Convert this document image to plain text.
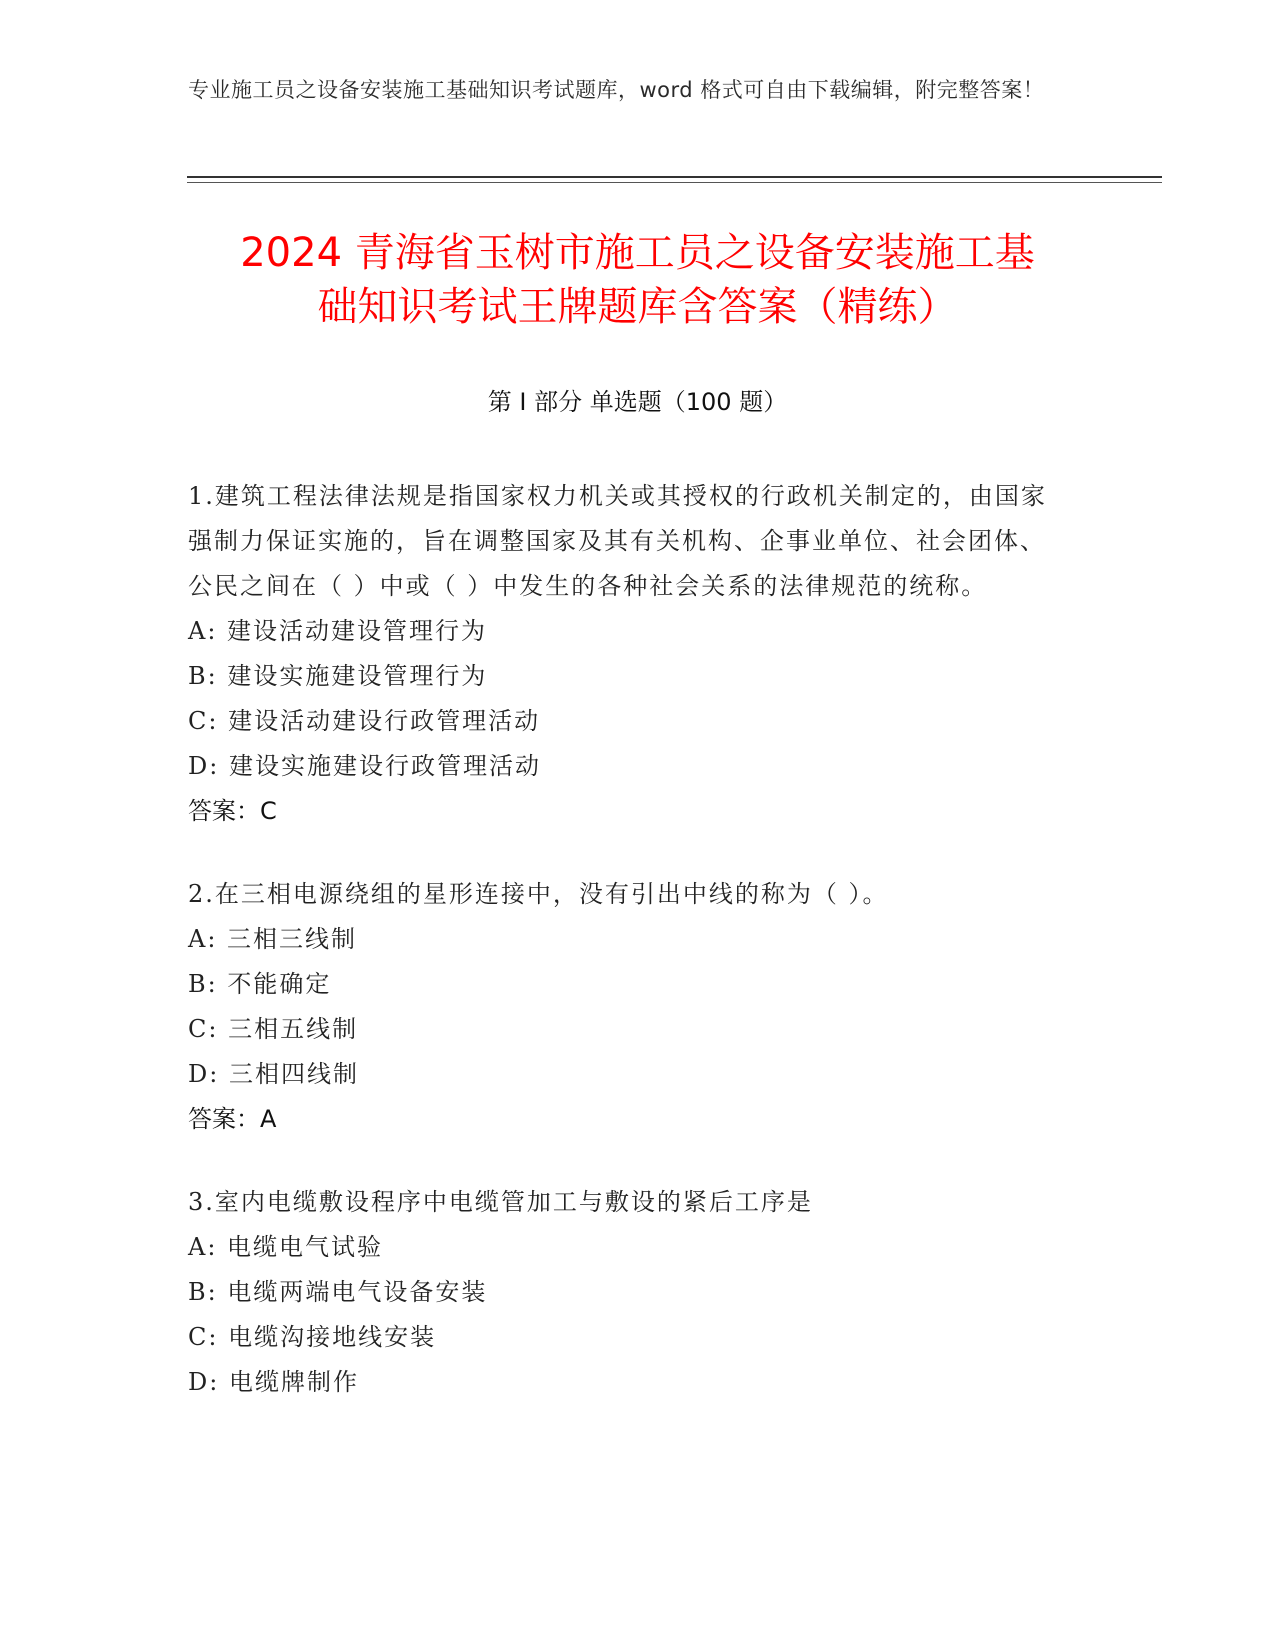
专业施工员之设备安装施工基础知识考试题库，word 格式可自由下载编辑，附完整答案！
2024 青海省玉树市施工员之设备安装施工基
础知识考试王牌题库含答案（精练）
第 I 部分 单选题（100 题）

1.建筑工程法律法规是指国家权力机关或其授权的行政机关制定的，由国家强制力保证实施的，旨在调整国家及其有关机构、企事业单位、社会团体、公民之间在（ ）中或（ ）中发生的各种社会关系的法律规范的统称。

A: 建设活动建设管理行为

B: 建设实施建设管理行为

C: 建设活动建设行政管理活动

D: 建设实施建设行政管理活动

答案：C

2.在三相电源绕组的星形连接中，没有引出中线的称为（ ）。

A: 三相三线制

B: 不能确定

C: 三相五线制

D: 三相四线制

答案：A

3.室内电缆敷设程序中电缆管加工与敷设的紧后工序是

A: 电缆电气试验

B: 电缆两端电气设备安装

C: 电缆沟接地线安装

D: 电缆牌制作
